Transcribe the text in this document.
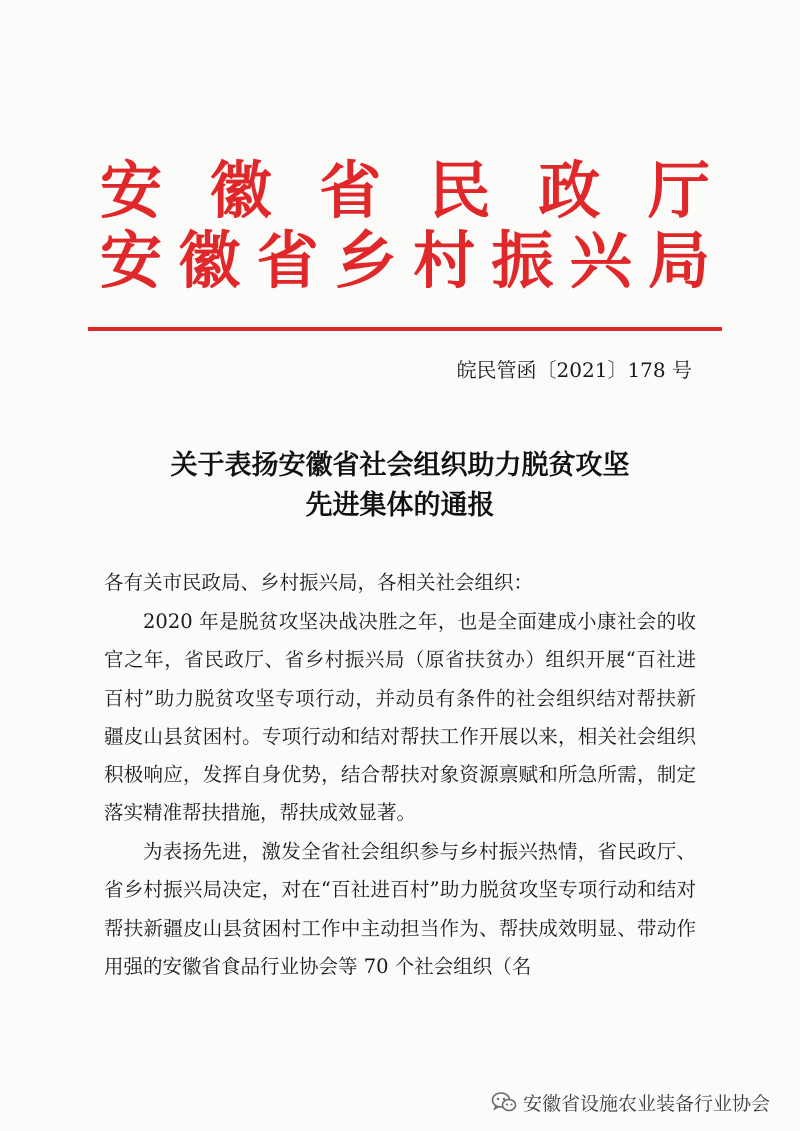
安徽省民政厅
安徽省乡村振兴局
皖民管函〔2021〕178 号
关于表扬安徽省社会组织助力脱贫攻坚
先进集体的通报
各有关市民政局、乡村振兴局，各相关社会组织：
2020 年是脱贫攻坚决战决胜之年，也是全面建成小康社会的收官之年，省民政厅、省乡村振兴局（原省扶贫办）组织开展“百社进百村”助力脱贫攻坚专项行动，并动员有条件的社会组织结对帮扶新疆皮山县贫困村。专项行动和结对帮扶工作开展以来，相关社会组织积极响应，发挥自身优势，结合帮扶对象资源禀赋和所急所需，制定落实精准帮扶措施，帮扶成效显著。
为表扬先进，激发全省社会组织参与乡村振兴热情，省民政厅、省乡村振兴局决定，对在“百社进百村”助力脱贫攻坚专项行动和结对帮扶新疆皮山县贫困村工作中主动担当作为、帮扶成效明显、带动作用强的安徽省食品行业协会等 70 个社会组织（名
安徽省设施农业装备行业协会
